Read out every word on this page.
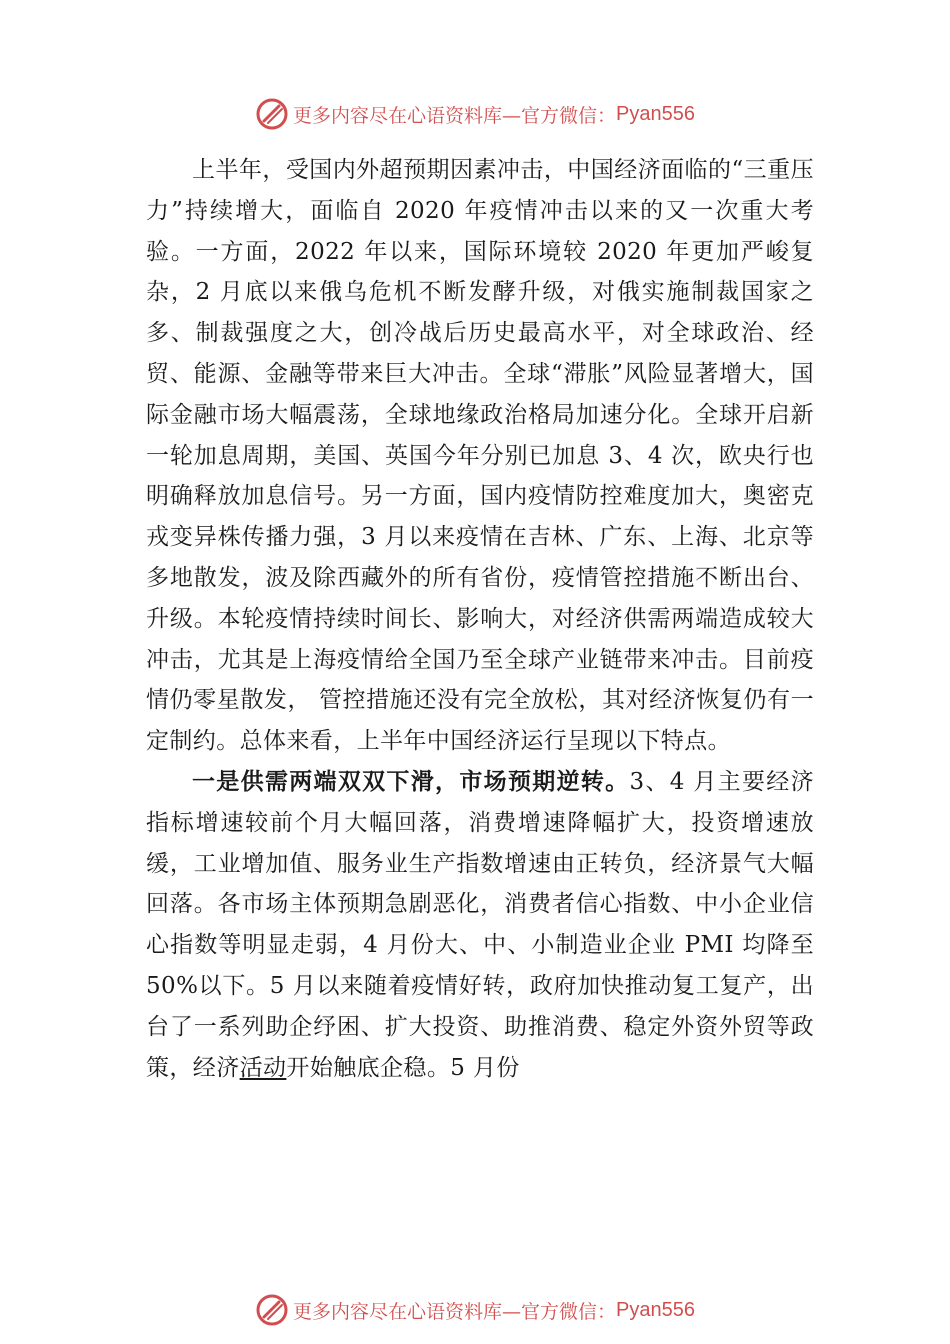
更多内容尽在心语资料库—官方微信： Pyan556

上半年，受国内外超预期因素冲击，中国经济面临的“三重压力”持续增大，面临自 2020 年疫情冲击以来的又一次重大考验。一方面，2022 年以来，国际环境较 2020 年更加严峻复杂，2 月底以来俄乌危机不断发酵升级，对俄实施制裁国家之多、制裁强度之大，创冷战后历史最高水平，对全球政治、经贸、能源、金融等带来巨大冲击。全球“滞胀”风险显著增大，国际金融市场大幅震荡，全球地缘政治格局加速分化。全球开启新一轮加息周期，美国、英国今年分别已加息 3、4 次，欧央行也明确释放加息信号。另一方面，国内疫情防控难度加大，奥密克戎变异株传播力强，3 月以来疫情在吉林、广东、上海、北京等多地散发，波及除西藏外的所有省份，疫情管控措施不断出台、升级。本轮疫情持续时间长、影响大，对经济供需两端造成较大冲击，尤其是上海疫情给全国乃至全球产业链带来冲击。目前疫情仍零星散发， 管控措施还没有完全放松，其对经济恢复仍有一定制约。总体来看，上半年中国经济运行呈现以下特点。

一是供需两端双双下滑，市场预期逆转。3、4 月主要经济指标增速较前个月大幅回落，消费增速降幅扩大，投资增速放缓，工业增加值、服务业生产指数增速由正转负，经济景气大幅回落。各市场主体预期急剧恶化，消费者信心指数、中小企业信心指数等明显走弱，4 月份大、中、小制造业企业 PMI 均降至 50%以下。5 月以来随着疫情好转，政府加快推动复工复产，出台了一系列助企纾困、扩大投资、助推消费、稳定外资外贸等政策，经济活动开始触底企稳。5 月份

更多内容尽在心语资料库—官方微信： Pyan556
